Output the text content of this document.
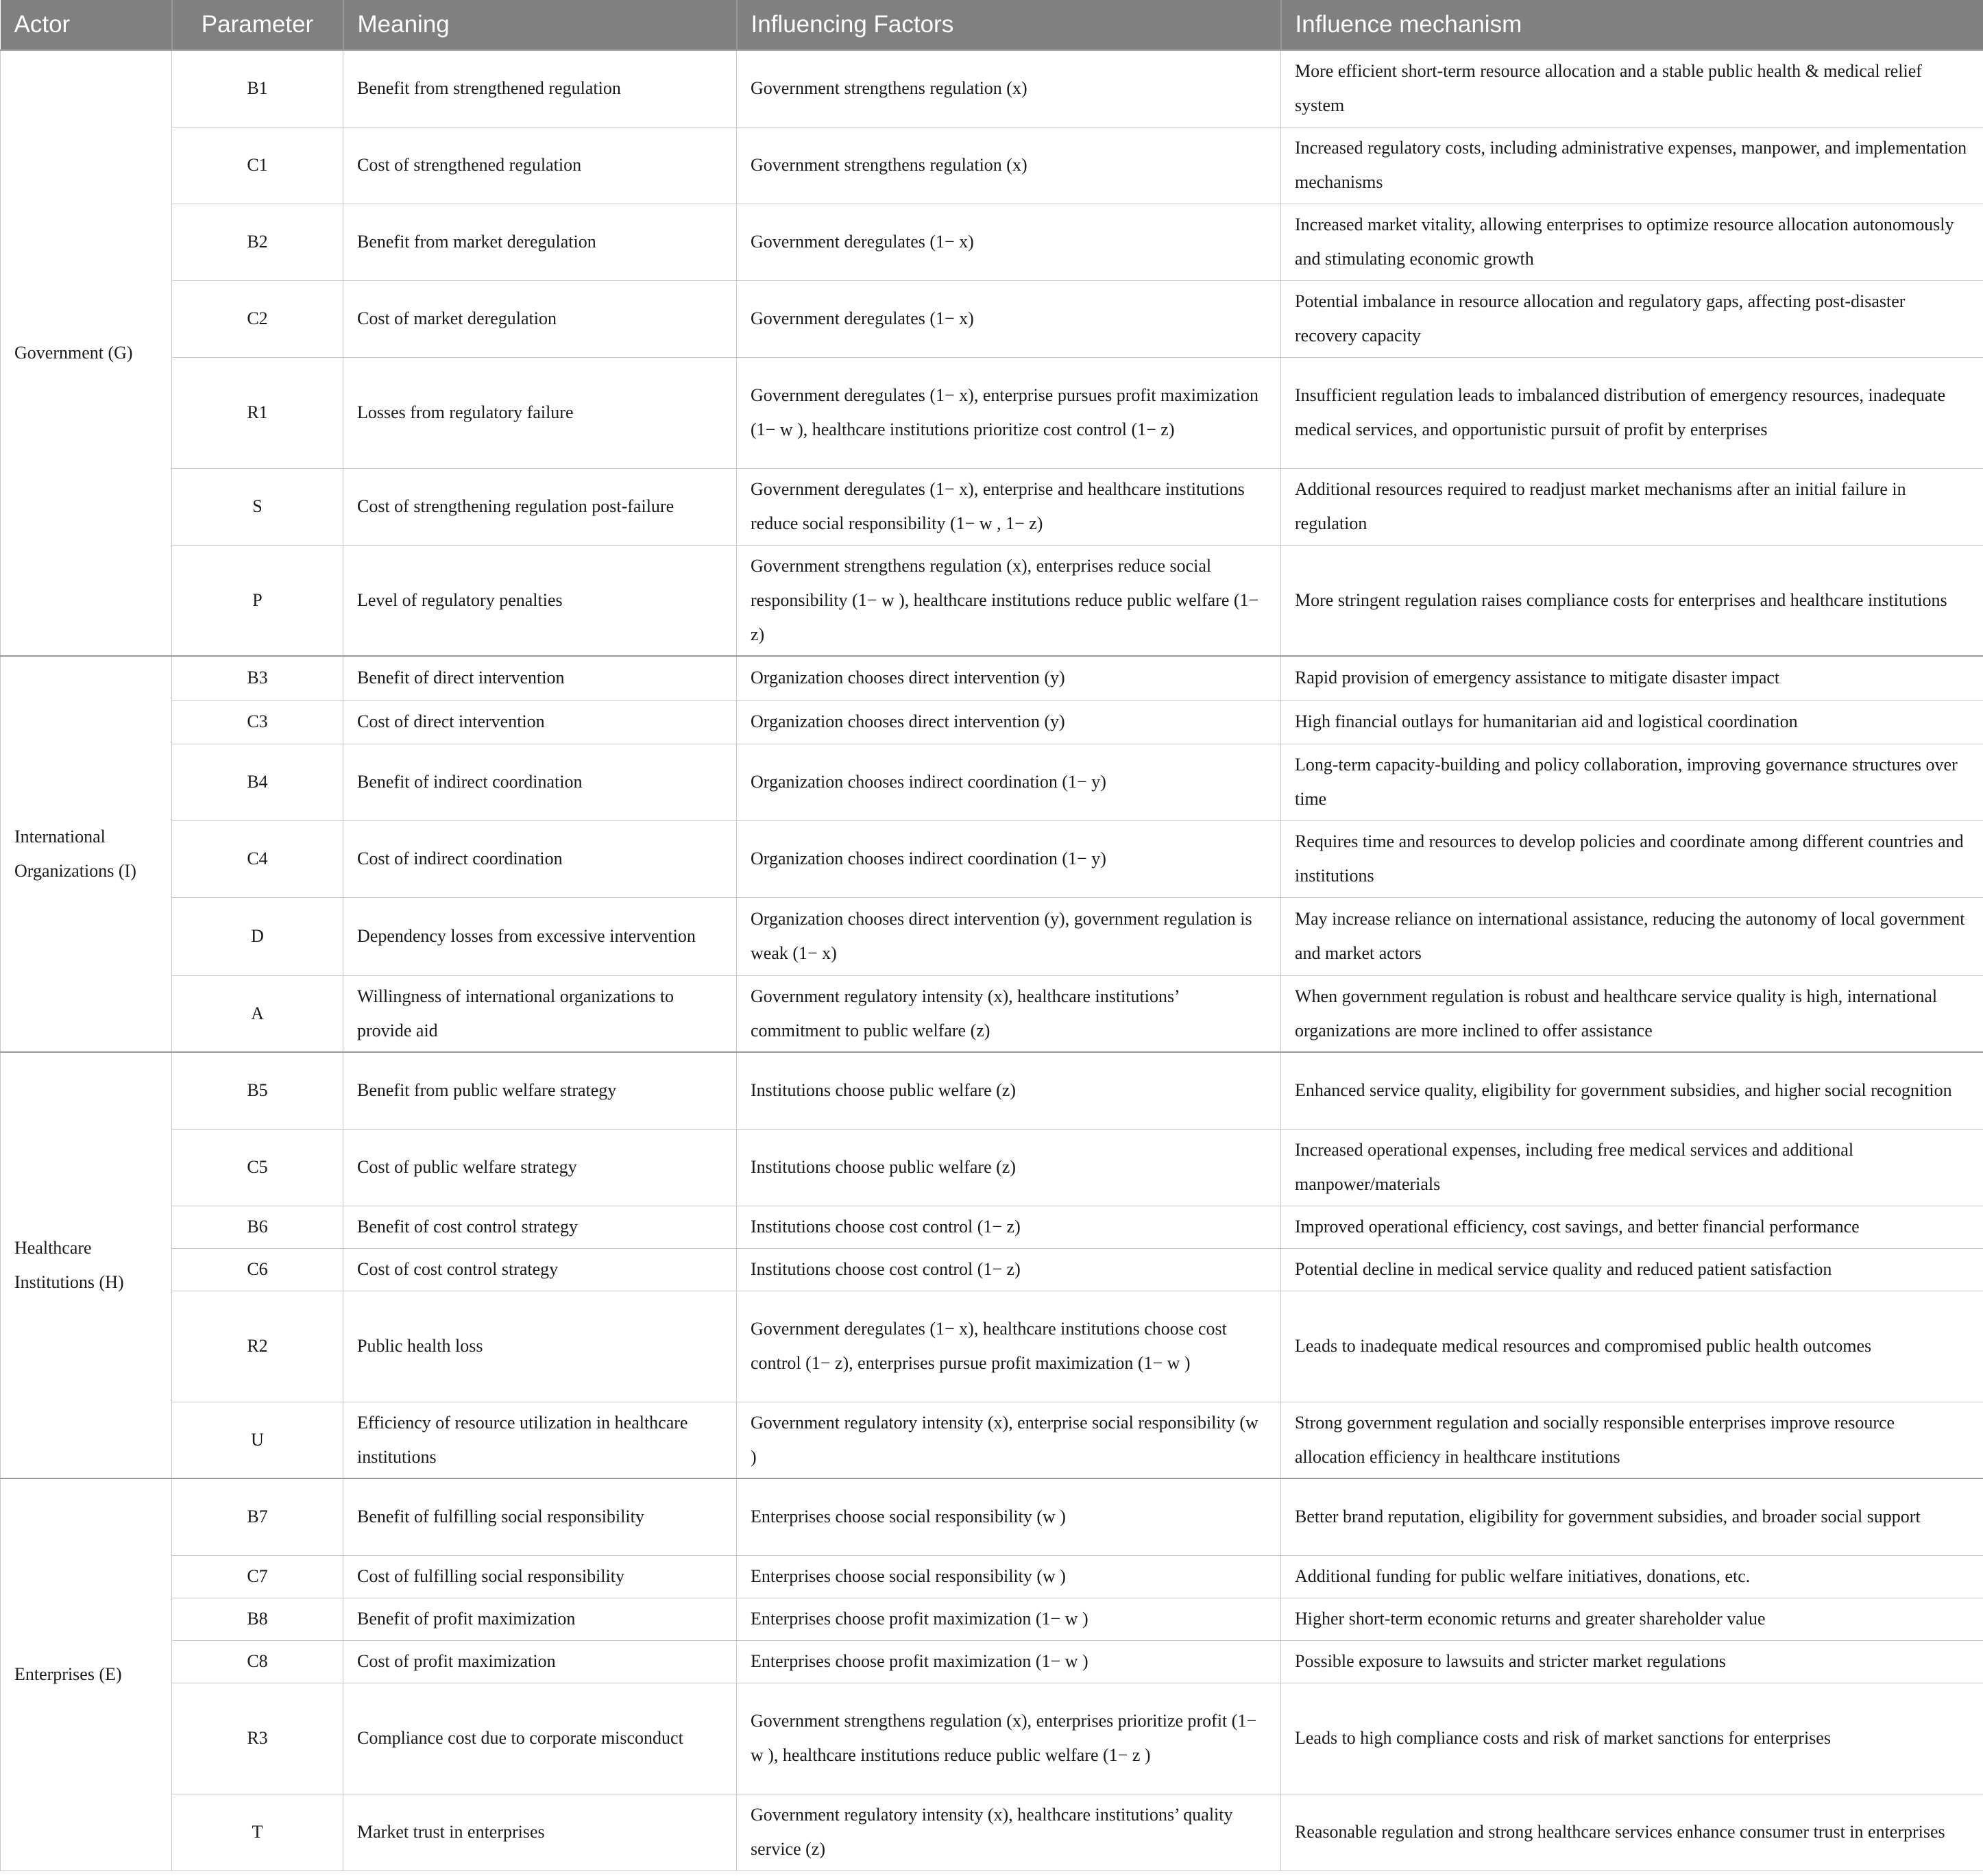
Actor	Parameter	Meaning	Influencing Factors	Influence mechanism
Government (G)	B1	Benefit from strengthened regulation	Government strengthens regulation (x)	More efficient short-term resource allocation and a stable public health & medical relief system
	C1	Cost of strengthened regulation	Government strengthens regulation (x)	Increased regulatory costs, including administrative expenses, manpower, and implementation mechanisms
	B2	Benefit from market deregulation	Government deregulates (1− x)	Increased market vitality, allowing enterprises to optimize resource allocation autonomously and stimulating economic growth
	C2	Cost of market deregulation	Government deregulates (1− x)	Potential imbalance in resource allocation and regulatory gaps, affecting post-disaster recovery capacity
	R1	Losses from regulatory failure	Government deregulates (1− x), enterprise pursues profit maximization (1− w ), healthcare institutions prioritize cost control (1− z)	Insufficient regulation leads to imbalanced distribution of emergency resources, inadequate medical services, and opportunistic pursuit of profit by enterprises
	S	Cost of strengthening regulation post-failure	Government deregulates (1− x), enterprise and healthcare institutions reduce social responsibility (1− w , 1− z)	Additional resources required to readjust market mechanisms after an initial failure in regulation
	P	Level of regulatory penalties	Government strengthens regulation (x), enterprises reduce social responsibility (1− w ), healthcare institutions reduce public welfare (1− z)	More stringent regulation raises compliance costs for enterprises and healthcare institutions
International Organizations (I)	B3	Benefit of direct intervention	Organization chooses direct intervention (y)	Rapid provision of emergency assistance to mitigate disaster impact
	C3	Cost of direct intervention	Organization chooses direct intervention (y)	High financial outlays for humanitarian aid and logistical coordination
	B4	Benefit of indirect coordination	Organization chooses indirect coordination (1− y)	Long-term capacity-building and policy collaboration, improving governance structures over time
	C4	Cost of indirect coordination	Organization chooses indirect coordination (1− y)	Requires time and resources to develop policies and coordinate among different countries and institutions
	D	Dependency losses from excessive intervention	Organization chooses direct intervention (y), government regulation is weak (1− x)	May increase reliance on international assistance, reducing the autonomy of local government and market actors
	A	Willingness of international organizations to provide aid	Government regulatory intensity (x), healthcare institutions’ commitment to public welfare (z)	When government regulation is robust and healthcare service quality is high, international organizations are more inclined to offer assistance
Healthcare Institutions (H)	B5	Benefit from public welfare strategy	Institutions choose public welfare (z)	Enhanced service quality, eligibility for government subsidies, and higher social recognition
	C5	Cost of public welfare strategy	Institutions choose public welfare (z)	Increased operational expenses, including free medical services and additional manpower/materials
	B6	Benefit of cost control strategy	Institutions choose cost control (1− z)	Improved operational efficiency, cost savings, and better financial performance
	C6	Cost of cost control strategy	Institutions choose cost control (1− z)	Potential decline in medical service quality and reduced patient satisfaction
	R2	Public health loss	Government deregulates (1− x), healthcare institutions choose cost control (1− z), enterprises pursue profit maximization (1− w )	Leads to inadequate medical resources and compromised public health outcomes
	U	Efficiency of resource utilization in healthcare institutions	Government regulatory intensity (x), enterprise social responsibility (w )	Strong government regulation and socially responsible enterprises improve resource allocation efficiency in healthcare institutions
Enterprises (E)	B7	Benefit of fulfilling social responsibility	Enterprises choose social responsibility (w )	Better brand reputation, eligibility for government subsidies, and broader social support
	C7	Cost of fulfilling social responsibility	Enterprises choose social responsibility (w )	Additional funding for public welfare initiatives, donations, etc.
	B8	Benefit of profit maximization	Enterprises choose profit maximization (1− w )	Higher short-term economic returns and greater shareholder value
	C8	Cost of profit maximization	Enterprises choose profit maximization (1− w )	Possible exposure to lawsuits and stricter market regulations
	R3	Compliance cost due to corporate misconduct	Government strengthens regulation (x), enterprises prioritize profit (1− w ), healthcare institutions reduce public welfare (1− z )	Leads to high compliance costs and risk of market sanctions for enterprises
	T	Market trust in enterprises	Government regulatory intensity (x), healthcare institutions’ quality service (z)	Reasonable regulation and strong healthcare services enhance consumer trust in enterprises
